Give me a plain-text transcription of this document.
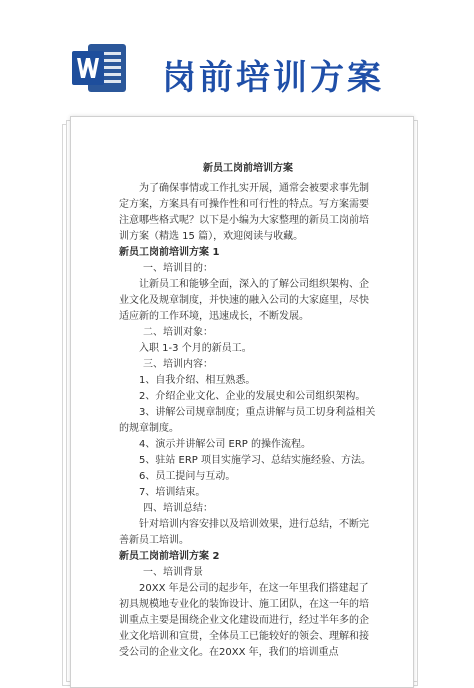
岗前培训方案

新员工岗前培训方案

为了确保事情或工作扎实开展，通常会被要求事先制定方案，方案具有可操作性和可行性的特点。写方案需要注意哪些格式呢？以下是小编为大家整理的新员工岗前培训方案（精选 15 篇），欢迎阅读与收藏。

新员工岗前培训方案 1

一、培训目的：

让新员工和能够全面，深入的了解公司组织架构、企业文化及规章制度，并快速的融入公司的大家庭里，尽快适应新的工作环境，迅速成长，不断发展。

二、培训对象：

入职 1-3 个月的新员工。

三、培训内容：

1、自我介绍、相互熟悉。

2、介绍企业文化、企业的发展史和公司组织架构。

3、讲解公司规章制度；重点讲解与员工切身利益相关的规章制度。

4、演示并讲解公司 ERP 的操作流程。

5、驻站 ERP 项目实施学习、总结实施经验、方法。

6、员工提问与互动。

7、培训结束。

四、培训总结：

针对培训内容安排以及培训效果，进行总结，不断完善新员工培训。

新员工岗前培训方案 2

一、培训背景

20XX 年是公司的起步年，在这一年里我们搭建起了初具规模地专业化的装饰设计、施工团队，在这一年的培训重点主要是围绕企业文化建设而进行，经过半年多的企业文化培训和宣贯，全体员工已能较好的领会、理解和接受公司的企业文化。在20XX 年，我们的培训重点
